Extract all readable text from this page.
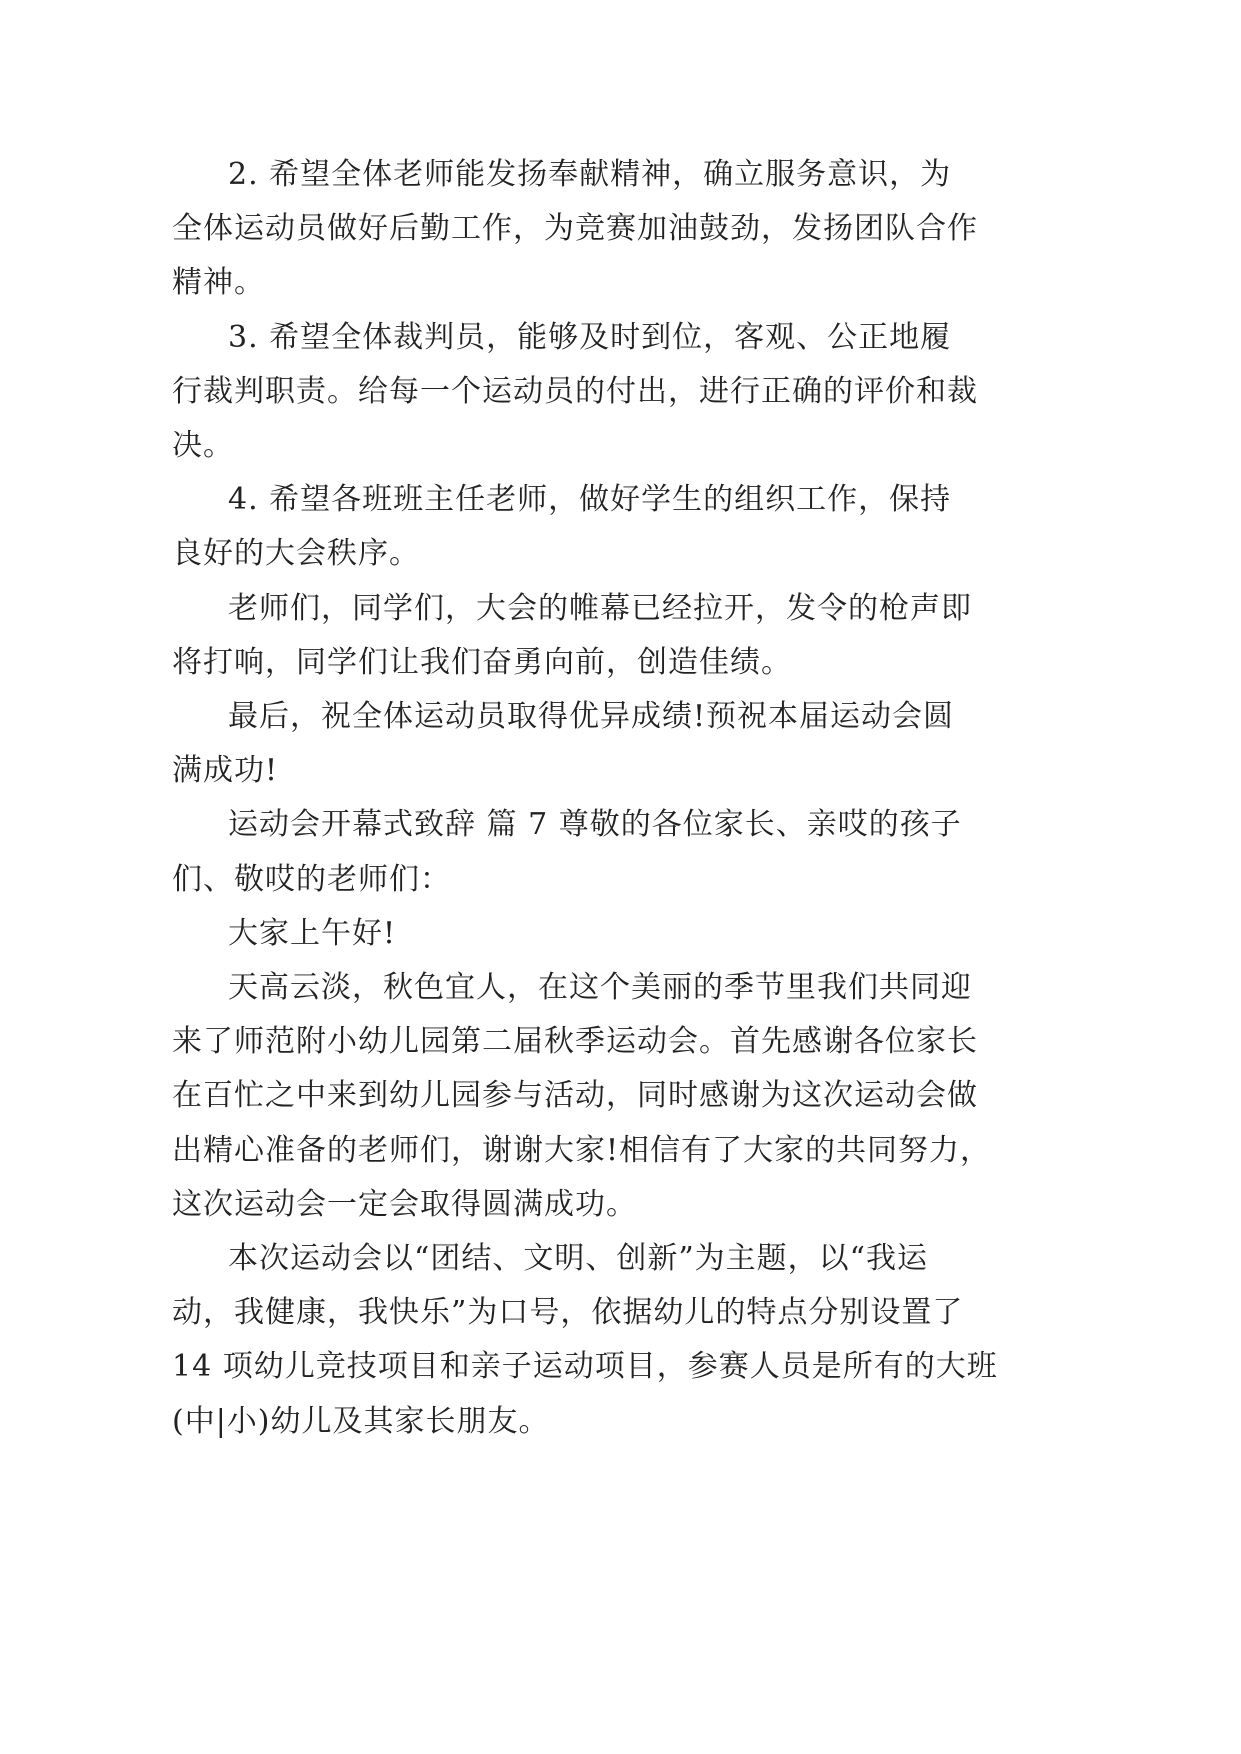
2. 希望全体老师能发扬奉献精神，确立服务意识，为
全体运动员做好后勤工作，为竞赛加油鼓劲，发扬团队合作
精神。
3. 希望全体裁判员，能够及时到位，客观、公正地履
行裁判职责。给每一个运动员的付出，进行正确的评价和裁
决。
4. 希望各班班主任老师，做好学生的组织工作，保持
良好的大会秩序。
老师们，同学们，大会的帷幕已经拉开，发令的枪声即
将打响，同学们让我们奋勇向前，创造佳绩。
最后，祝全体运动员取得优异成绩!预祝本届运动会圆
满成功!
运动会开幕式致辞 篇 7 尊敬的各位家长、亲哎的孩子
们、敬哎的老师们：
大家上午好!
天高云淡，秋色宜人，在这个美丽的季节里我们共同迎
来了师范附小幼儿园第二届秋季运动会。首先感谢各位家长
在百忙之中来到幼儿园参与活动，同时感谢为这次运动会做
出精心准备的老师们，谢谢大家!相信有了大家的共同努力，
这次运动会一定会取得圆满成功。
本次运动会以“团结、文明、创新”为主题，以“我运
动，我健康，我快乐”为口号，依据幼儿的特点分别设置了
14 项幼儿竞技项目和亲子运动项目，参赛人员是所有的大班
(中|小)幼儿及其家长朋友。
